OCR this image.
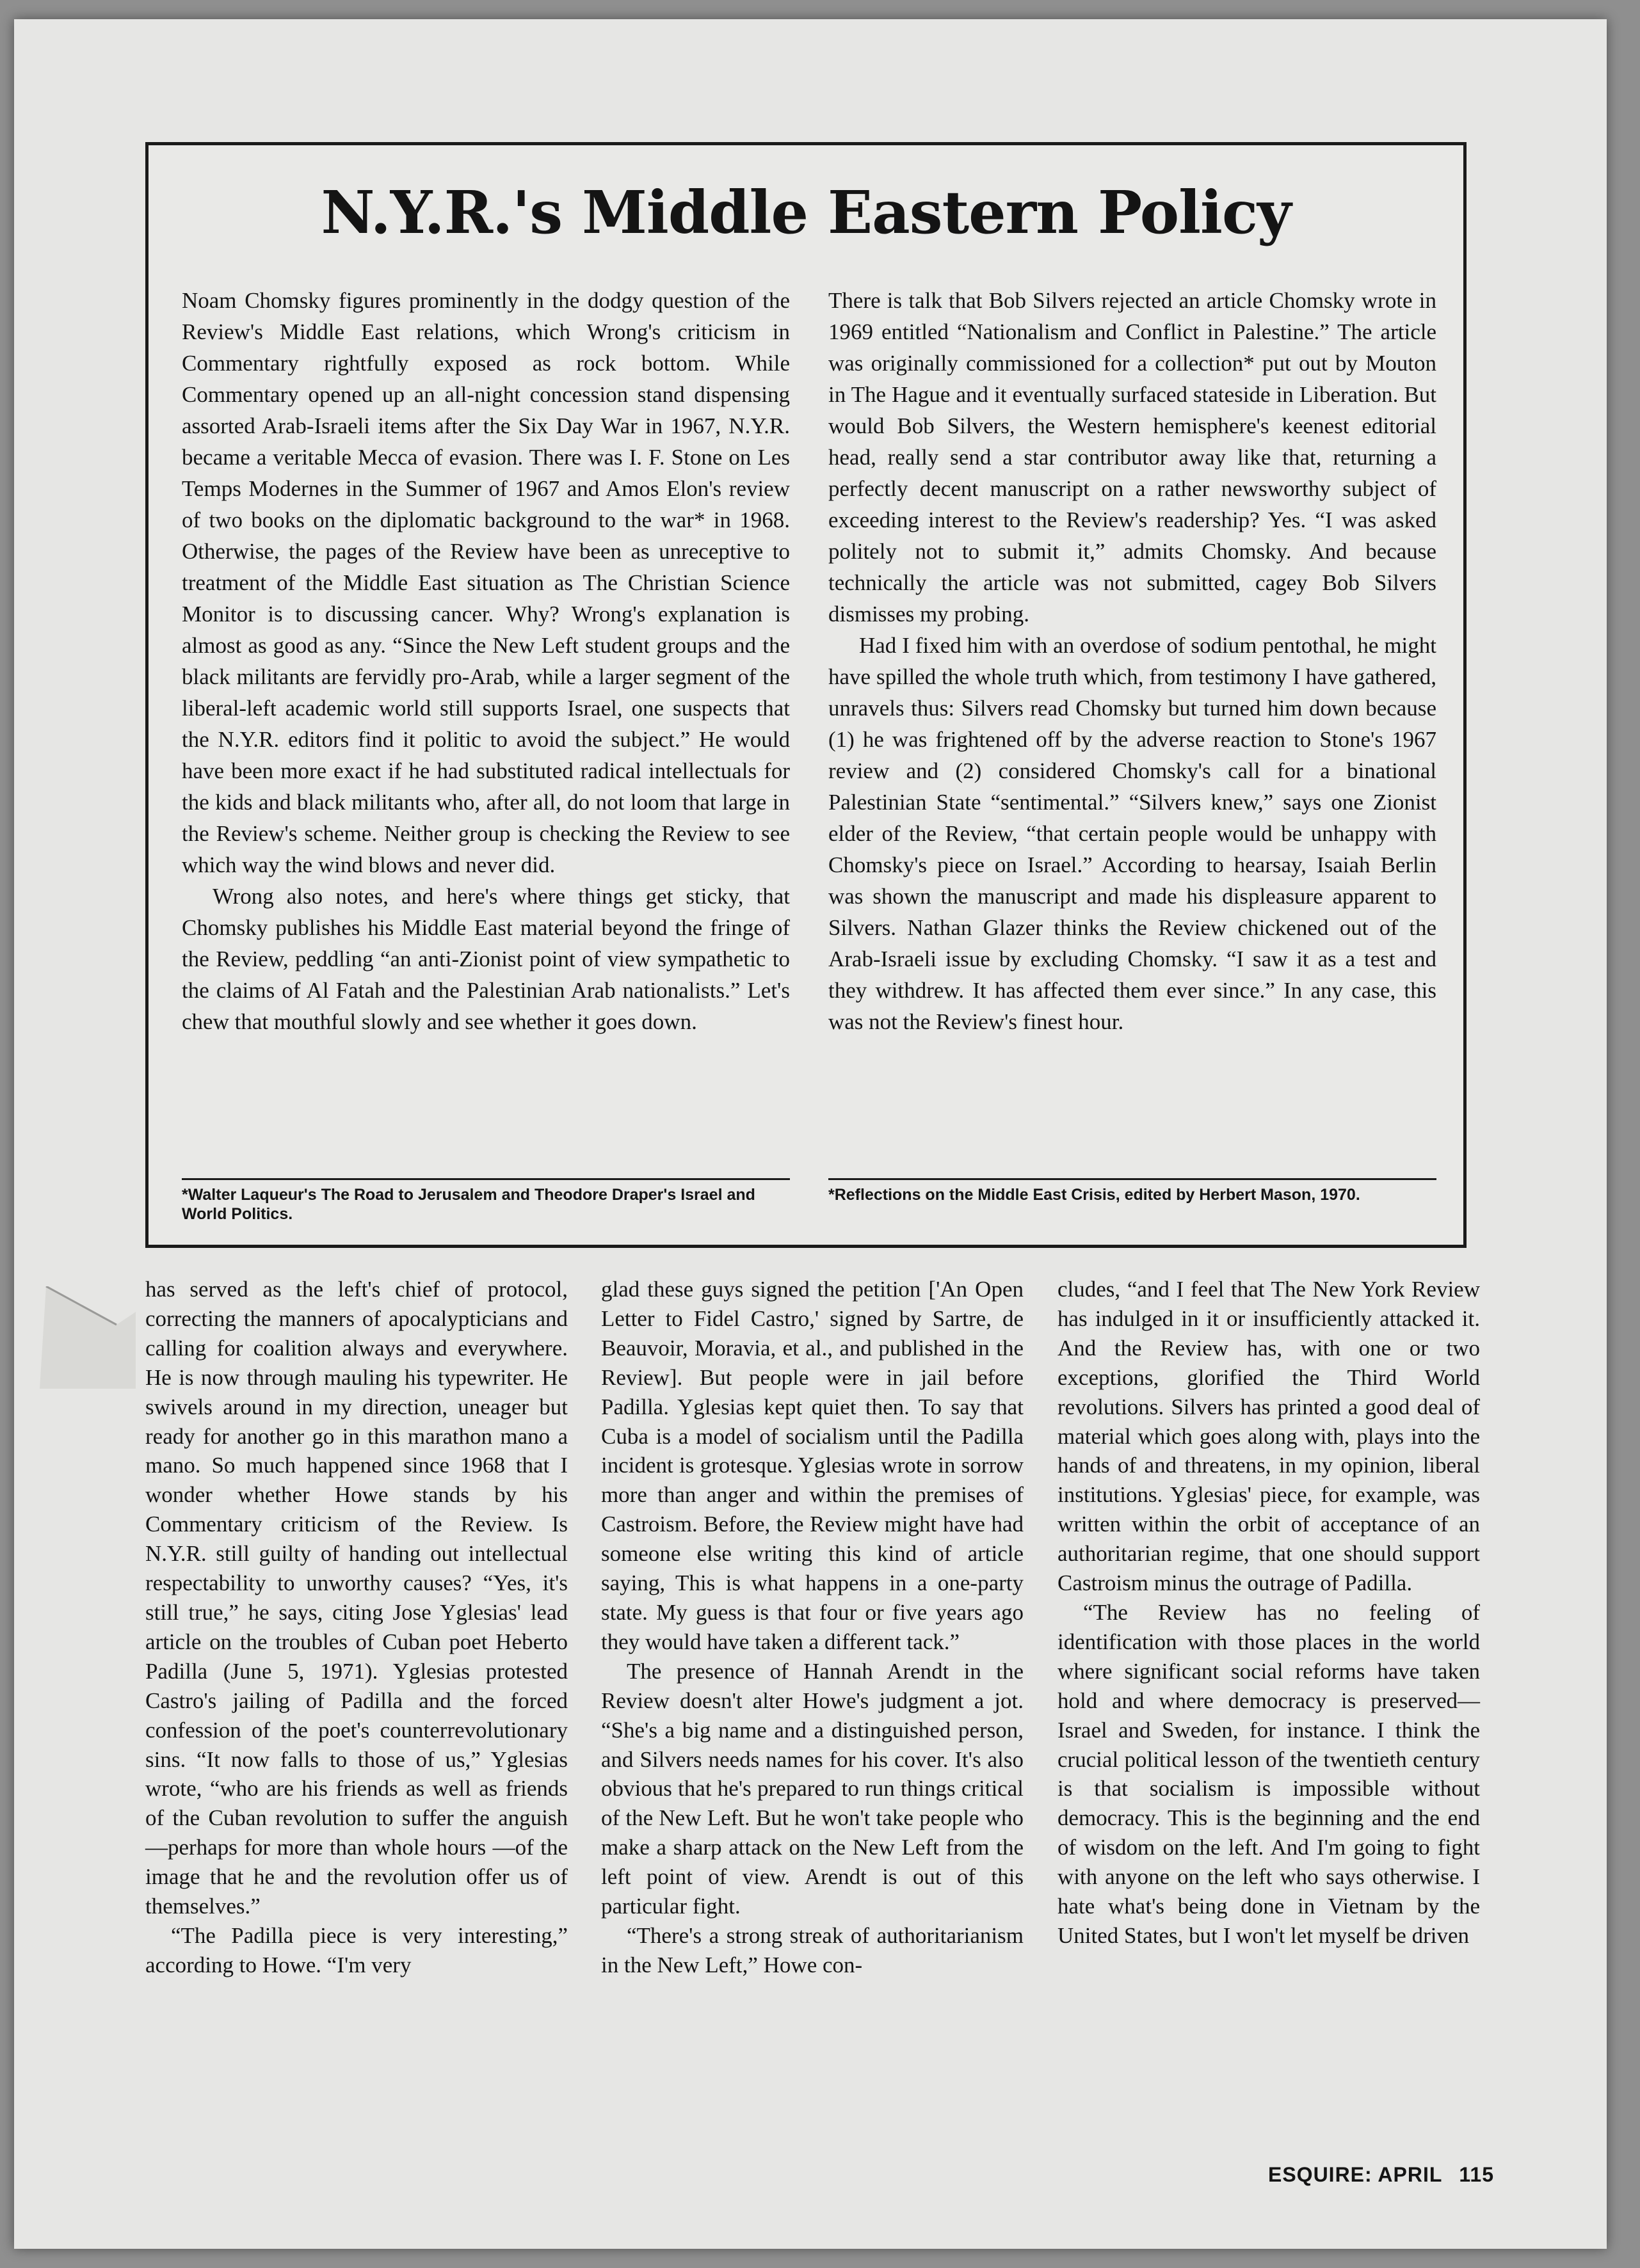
N.Y.R.'s Middle Eastern Policy

Noam Chomsky figures prominently in the dodgy question of the Review's Middle East relations, which Wrong's criticism in Commentary rightfully exposed as rock bottom. While Commentary opened up an all-night concession stand dispensing assorted Arab-Israeli items after the Six Day War in 1967, N.Y.R. became a veritable Mecca of evasion. There was I. F. Stone on Les Temps Modernes in the Summer of 1967 and Amos Elon's review of two books on the diplomatic background to the war* in 1968. Otherwise, the pages of the Review have been as unreceptive to treatment of the Middle East situation as The Christian Science Monitor is to discussing cancer. Why? Wrong's explanation is almost as good as any. “Since the New Left student groups and the black militants are fervidly pro-Arab, while a larger segment of the liberal-left academic world still supports Israel, one suspects that the N.Y.R. editors find it politic to avoid the subject.” He would have been more exact if he had substituted radical intellectuals for the kids and black militants who, after all, do not loom that large in the Review's scheme. Neither group is checking the Review to see which way the wind blows and never did.

Wrong also notes, and here's where things get sticky, that Chomsky publishes his Middle East material beyond the fringe of the Review, peddling “an anti-Zionist point of view sympathetic to the claims of Al Fatah and the Palestinian Arab nationalists.” Let's chew that mouthful slowly and see whether it goes down.

There is talk that Bob Silvers rejected an article Chomsky wrote in 1969 entitled “Nationalism and Conflict in Palestine.” The article was originally commissioned for a collection* put out by Mouton in The Hague and it eventually surfaced stateside in Liberation. But would Bob Silvers, the Western hemisphere's keenest editorial head, really send a star contributor away like that, returning a perfectly decent manuscript on a rather newsworthy subject of exceeding interest to the Review's readership? Yes. “I was asked politely not to submit it,” admits Chomsky. And because technically the article was not submitted, cagey Bob Silvers dismisses my probing.

Had I fixed him with an overdose of sodium pentothal, he might have spilled the whole truth which, from testimony I have gathered, unravels thus: Silvers read Chomsky but turned him down because (1) he was frightened off by the adverse reaction to Stone's 1967 review and (2) considered Chomsky's call for a binational Palestinian State “sentimental.” “Silvers knew,” says one Zionist elder of the Review, “that certain people would be unhappy with Chomsky's piece on Israel.” According to hearsay, Isaiah Berlin was shown the manuscript and made his displeasure apparent to Silvers. Nathan Glazer thinks the Review chickened out of the Arab-Israeli issue by excluding Chomsky. “I saw it as a test and they withdrew. It has affected them ever since.” In any case, this was not the Review's finest hour.

*Walter Laqueur's The Road to Jerusalem and Theodore Draper's Israel and World Politics.
*Reflections on the Middle East Crisis, edited by Herbert Mason, 1970.

has served as the left's chief of protocol, correcting the manners of apocalypticians and calling for coalition always and everywhere. He is now through mauling his typewriter. He swivels around in my direction, uneager but ready for another go in this marathon mano a mano. So much happened since 1968 that I wonder whether Howe stands by his Commentary criticism of the Review. Is N.Y.R. still guilty of handing out intellectual respectability to unworthy causes? “Yes, it's still true,” he says, citing Jose Yglesias' lead article on the troubles of Cuban poet Heberto Padilla (June 5, 1971). Yglesias protested Castro's jailing of Padilla and the forced confession of the poet's counterrevolutionary sins. “It now falls to those of us,” Yglesias wrote, “who are his friends as well as friends of the Cuban revolution to suffer the anguish —perhaps for more than whole hours —of the image that he and the revolution offer us of themselves.”

“The Padilla piece is very interesting,” according to Howe. “I'm very

glad these guys signed the petition ['An Open Letter to Fidel Castro,' signed by Sartre, de Beauvoir, Moravia, et al., and published in the Review]. But people were in jail before Padilla. Yglesias kept quiet then. To say that Cuba is a model of socialism until the Padilla incident is grotesque. Yglesias wrote in sorrow more than anger and within the premises of Castroism. Before, the Review might have had someone else writing this kind of article saying, This is what happens in a one-party state. My guess is that four or five years ago they would have taken a different tack.”

The presence of Hannah Arendt in the Review doesn't alter Howe's judgment a jot. “She's a big name and a distinguished person, and Silvers needs names for his cover. It's also obvious that he's prepared to run things critical of the New Left. But he won't take people who make a sharp attack on the New Left from the left point of view. Arendt is out of this particular fight.

“There's a strong streak of authoritarianism in the New Left,” Howe con-

cludes, “and I feel that The New York Review has indulged in it or insufficiently attacked it. And the Review has, with one or two exceptions, glorified the Third World revolutions. Silvers has printed a good deal of material which goes along with, plays into the hands of and threatens, in my opinion, liberal institutions. Yglesias' piece, for example, was written within the orbit of acceptance of an authoritarian regime, that one should support Castroism minus the outrage of Padilla.

“The Review has no feeling of identification with those places in the world where significant social reforms have taken hold and where democracy is preserved—Israel and Sweden, for instance. I think the crucial political lesson of the twentieth century is that socialism is impossible without democracy. This is the beginning and the end of wisdom on the left. And I'm going to fight with anyone on the left who says otherwise. I hate what's being done in Vietnam by the United States, but I won't let myself be driven

ESQUIRE: APRIL 115
